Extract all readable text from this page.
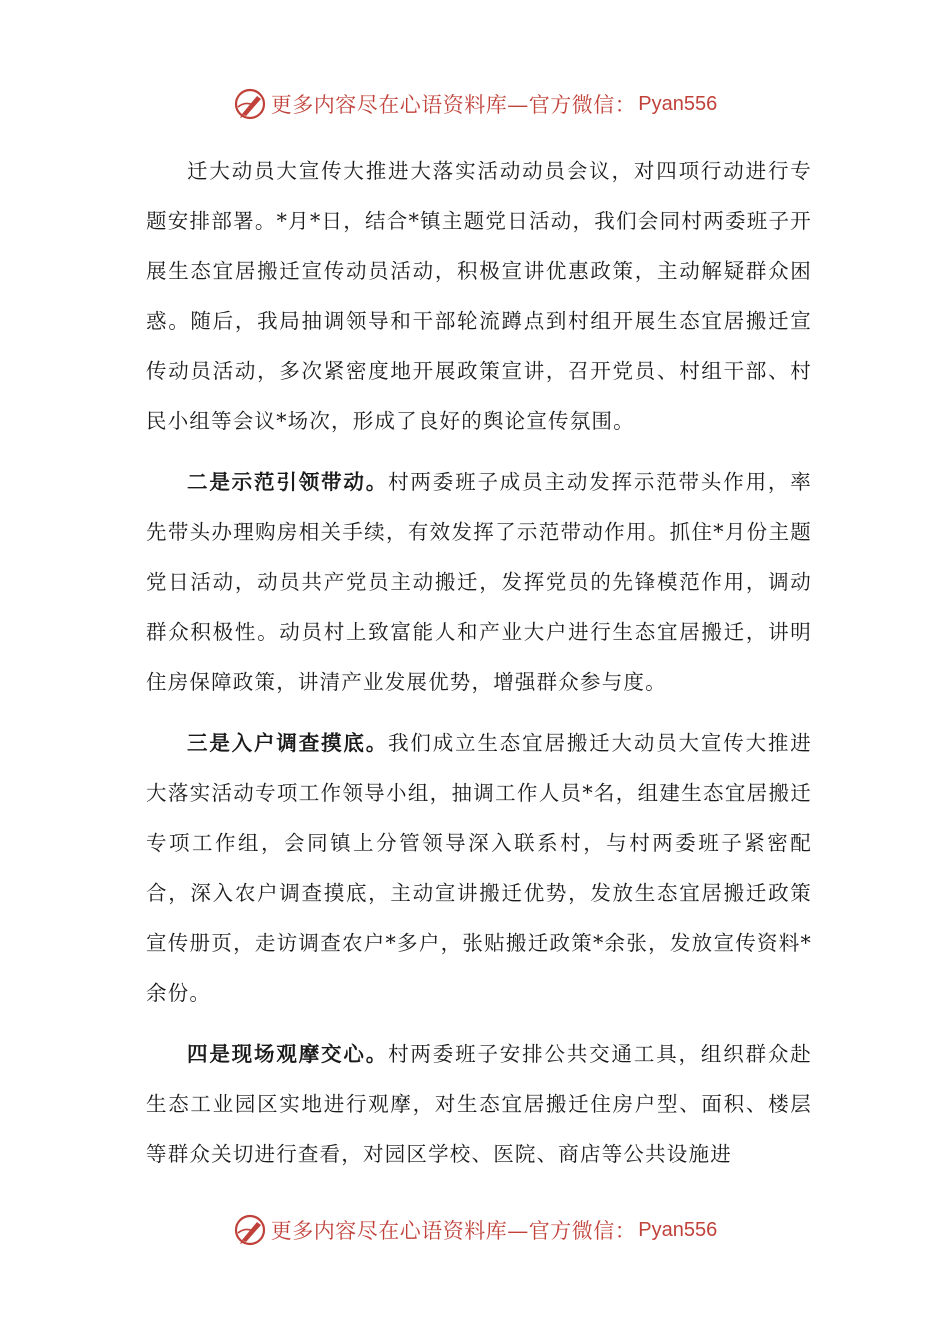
更多内容尽在心语资料库—官方微信： Pyan556

迁大动员大宣传大推进大落实活动动员会议，对四项行动进行专题安排部署。*月*日，结合*镇主题党日活动，我们会同村两委班子开展生态宜居搬迁宣传动员活动，积极宣讲优惠政策，主动解疑群众困惑。随后，我局抽调领导和干部轮流蹲点到村组开展生态宜居搬迁宣传动员活动，多次紧密度地开展政策宣讲，召开党员、村组干部、村民小组等会议*场次，形成了良好的舆论宣传氛围。

二是示范引领带动。村两委班子成员主动发挥示范带头作用，率先带头办理购房相关手续，有效发挥了示范带动作用。抓住*月份主题党日活动，动员共产党员主动搬迁，发挥党员的先锋模范作用，调动群众积极性。动员村上致富能人和产业大户进行生态宜居搬迁，讲明住房保障政策，讲清产业发展优势，增强群众参与度。

三是入户调查摸底。我们成立生态宜居搬迁大动员大宣传大推进大落实活动专项工作领导小组，抽调工作人员*名，组建生态宜居搬迁专项工作组，会同镇上分管领导深入联系村，与村两委班子紧密配合，深入农户调查摸底，主动宣讲搬迁优势，发放生态宜居搬迁政策宣传册页，走访调查农户*多户，张贴搬迁政策*余张，发放宣传资料*余份。

四是现场观摩交心。村两委班子安排公共交通工具，组织群众赴生态工业园区实地进行观摩，对生态宜居搬迁住房户型、面积、楼层等群众关切进行查看，对园区学校、医院、商店等公共设施进

更多内容尽在心语资料库—官方微信： Pyan556
